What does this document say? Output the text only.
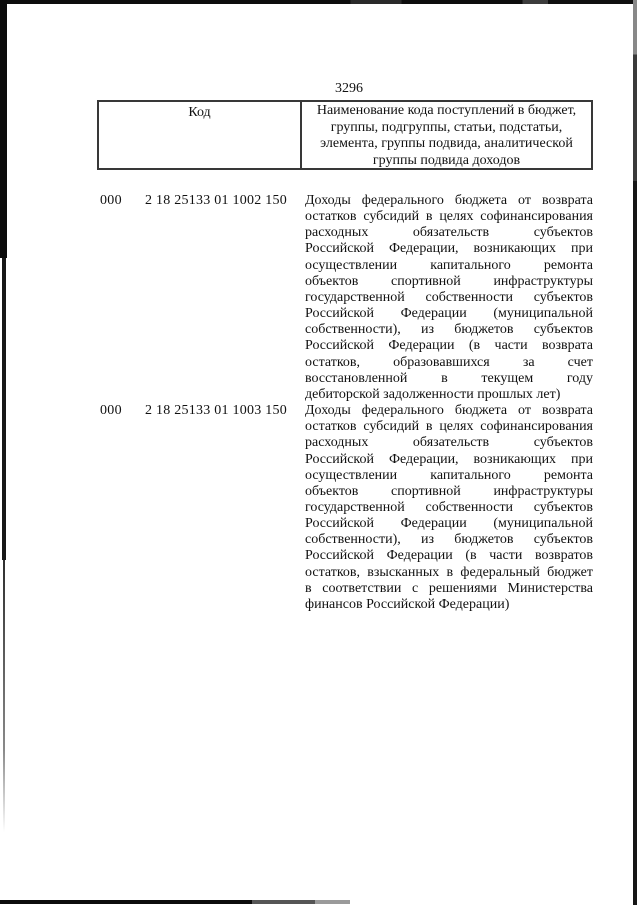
3296
Код	Наименование кода поступлений в бюджет,
группы, подгруппы, статьи, подстатьи,
элемента, группы подвида, аналитической
группы подвида доходов
000 2 18 25133 01 1002 150 Доходы федерального бюджета от возврата
остатков субсидий в целях софинансирования
расходных обязательств субъектов
Российской Федерации, возникающих при
осуществлении капитального ремонта
объектов спортивной инфраструктуры
государственной собственности субъектов
Российской Федерации (муниципальной
собственности), из бюджетов субъектов
Российской Федерации (в части возврата
остатков, образовавшихся за счет
восстановленной в текущем году
дебиторской задолженности прошлых лет)
000 2 18 25133 01 1003 150 Доходы федерального бюджета от возврата
остатков субсидий в целях софинансирования
расходных обязательств субъектов
Российской Федерации, возникающих при
осуществлении капитального ремонта
объектов спортивной инфраструктуры
государственной собственности субъектов
Российской Федерации (муниципальной
собственности), из бюджетов субъектов
Российской Федерации (в части возвратов
остатков, взысканных в федеральный бюджет
в соответствии с решениями Министерства
финансов Российской Федерации)
